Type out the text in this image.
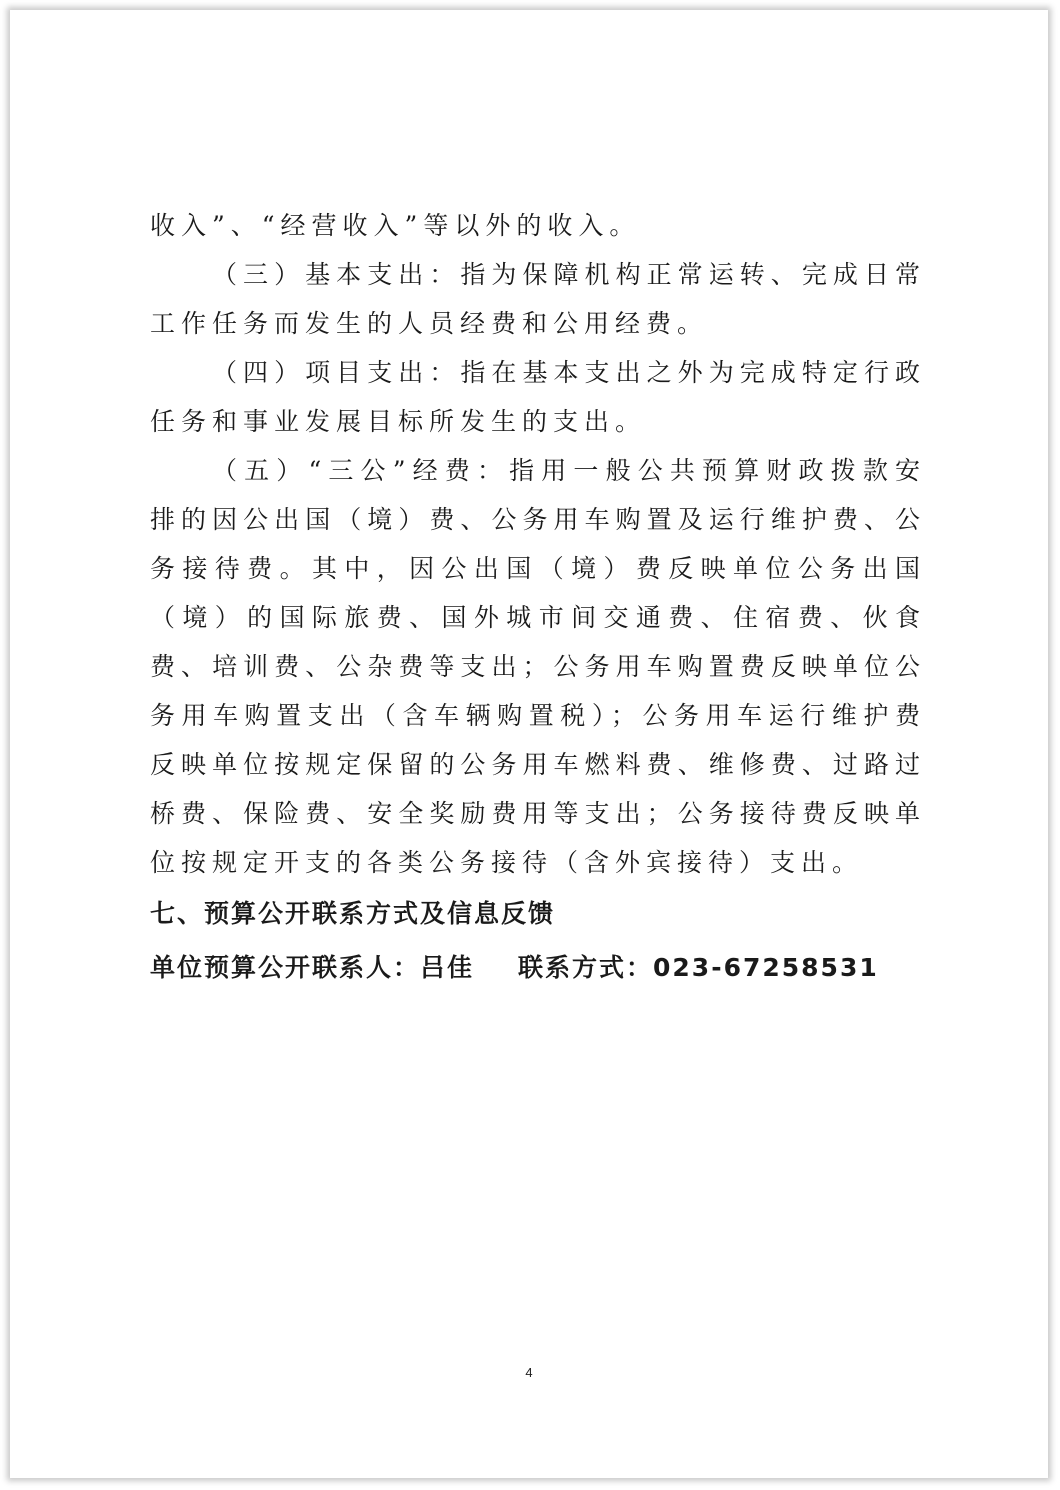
收入”、“经营收入”等以外的收入。

（三）基本支出：指为保障机构正常运转、完成日常工作任务而发生的人员经费和公用经费。

（四）项目支出：指在基本支出之外为完成特定行政任务和事业发展目标所发生的支出。

（五）“三公”经费：指用一般公共预算财政拨款安排的因公出国（境）费、公务用车购置及运行维护费、公务接待费。其中，因公出国（境）费反映单位公务出国（境）的国际旅费、国外城市间交通费、住宿费、伙食费、培训费、公杂费等支出；公务用车购置费反映单位公务用车购置支出（含车辆购置税）；公务用车运行维护费反映单位按规定保留的公务用车燃料费、维修费、过路过桥费、保险费、安全奖励费用等支出；公务接待费反映单位按规定开支的各类公务接待（含外宾接待）支出。

七、预算公开联系方式及信息反馈

单位预算公开联系人：吕佳 联系方式：023-67258531

4
